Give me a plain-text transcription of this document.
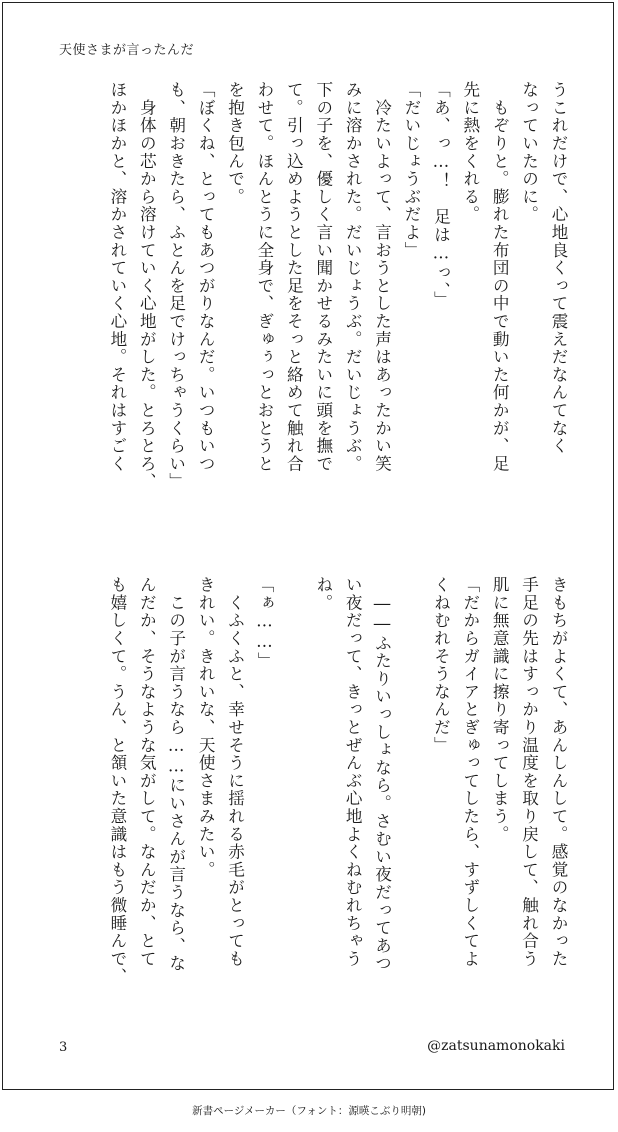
天使さまが言ったんだ

うこれだけで、心地良くって震えだなんてなく
なっていたのに。
　もぞりと。膨れた布団の中で動いた何かが、足
先に熱をくれる。
「あ、っ…！　足は…っ、」
「だいじょうぶだよ」
　冷たいよって、言おうとした声はあったかい笑
みに溶かされた。だいじょうぶ。だいじょうぶ。
下の子を、優しく言い聞かせるみたいに頭を撫で
て。引っ込めようとした足をそっと絡めて触れ合
わせて。ほんとうに全身で、ぎゅぅっとおとうと
を抱き包んで。
「ぼくね、とってもあつがりなんだ。いつもいつ
も、朝おきたら、ふとんを足でけっちゃうくらい」
　身体の芯から溶けていく心地がした。とろとろ、
ほかほかと、溶かされていく心地。それはすごく

きもちがよくて、あんしんして。感覚のなかった
手足の先はすっかり温度を取り戻して、触れ合う
肌に無意識に擦り寄ってしまう。
「だからガイアとぎゅってしたら、すずしくてよ
くねむれそうなんだ」

　――ふたりいっしょなら。さむい夜だってあつ
い夜だって、きっとぜんぶ心地よくねむれちゃう
ね。

「ぁ……」
　くふくふと、幸せそうに揺れる赤毛がとっても
きれい。きれいな、天使さまみたい。
　この子が言うなら……にいさんが言うなら、な
んだか、そうなような気がして。なんだか、とて
も嬉しくて。うん、と頷いた意識はもう微睡んで、

3	@zatsunamonokaki
新書ページメーカー（フォント：源暎こぶり明朝)
